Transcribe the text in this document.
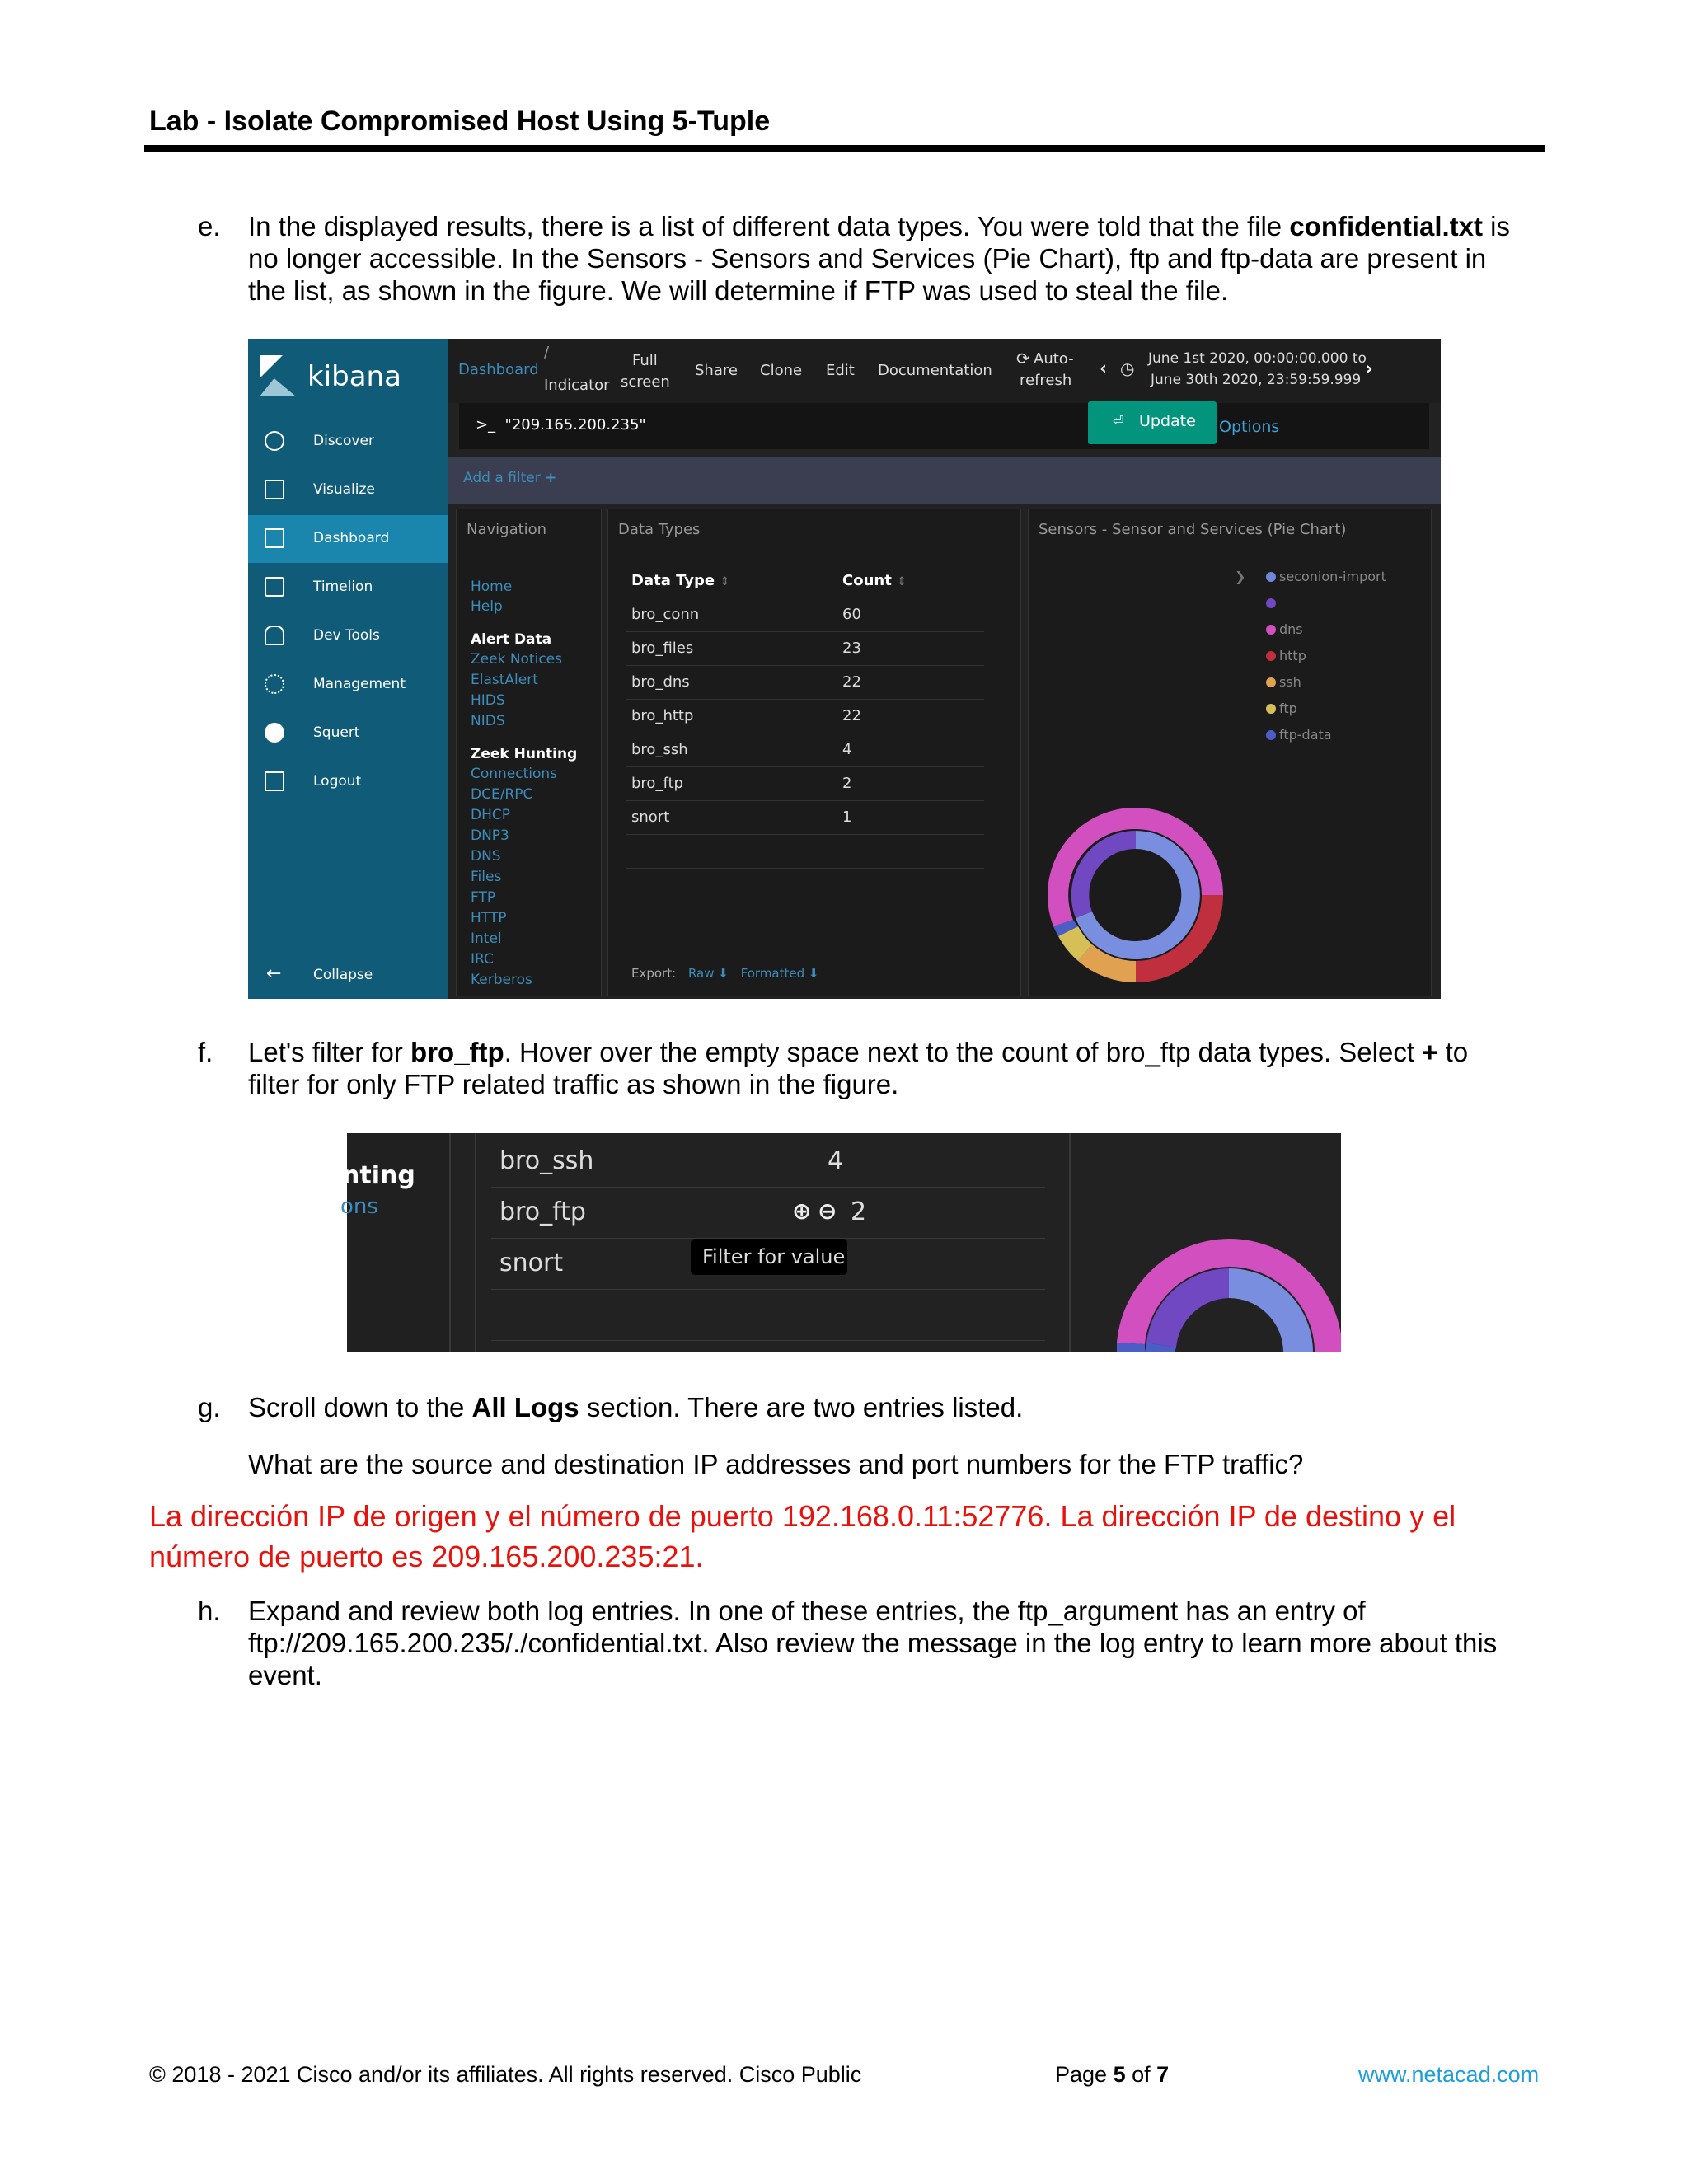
Lab - Isolate Compromised Host Using 5-Tuple
e. In the displayed results, there is a list of different data types. You were told that the file confidential.txt is
no longer accessible. In the Sensors - Sensors and Services (Pie Chart), ftp and ftp-data are present in
the list, as shown in the figure. We will determine if FTP was used to steal the file.
kibana
Discover
Visualize
Dashboard
Timelion
Dev Tools
Management
Squert
Logout
← Collapse
Dashboard
/
Indicator
Full
screen
Share Clone Edit Documentation
⟳ Auto-
refresh
‹ ◷ June 1st 2020, 00:00:00.000 to
June 30th 2020, 23:59:59.999 ›
>_ "209.165.200.235"	Options
⏎ Update
Add a filter +
Navigation
Home
Help
Alert Data
Zeek Notices
ElastAlert
HIDS
NIDS
Zeek Hunting
Connections
DCE/RPC
DHCP
DNP3
DNS
Files
FTP
HTTP
Intel
IRC
Kerberos
Data Types
Data Type ⇕	Count ⇕
bro_conn	60
bro_files	23
bro_dns	22
bro_http	22
bro_ssh	4
bro_ftp	2
snort	1
Export: Raw ⬇ Formatted ⬇
Sensors - Sensor and Services (Pie Chart)
❯	seconion-import
dns
http
ssh
ftp
ftp-data
f. Let's filter for bro_ftp. Hover over the empty space next to the count of bro_ftp data types. Select + to
filter for only FTP related traffic as shown in the figure.
nting
ons
bro_ssh	4
bro_ftp	⊕ ⊖ 2
snort	Filter for value
g. Scroll down to the All Logs section. There are two entries listed.
What are the source and destination IP addresses and port numbers for the FTP traffic?
La dirección IP de origen y el número de puerto 192.168.0.11:52776. La dirección IP de destino y el
número de puerto es 209.165.200.235:21.
h. Expand and review both log entries. In one of these entries, the ftp_argument has an entry of
ftp://209.165.200.235/./confidential.txt. Also review the message in the log entry to learn more about this
event.
© 2018 - 2021 Cisco and/or its affiliates. All rights reserved. Cisco Public	Page 5 of 7	www.netacad.com
